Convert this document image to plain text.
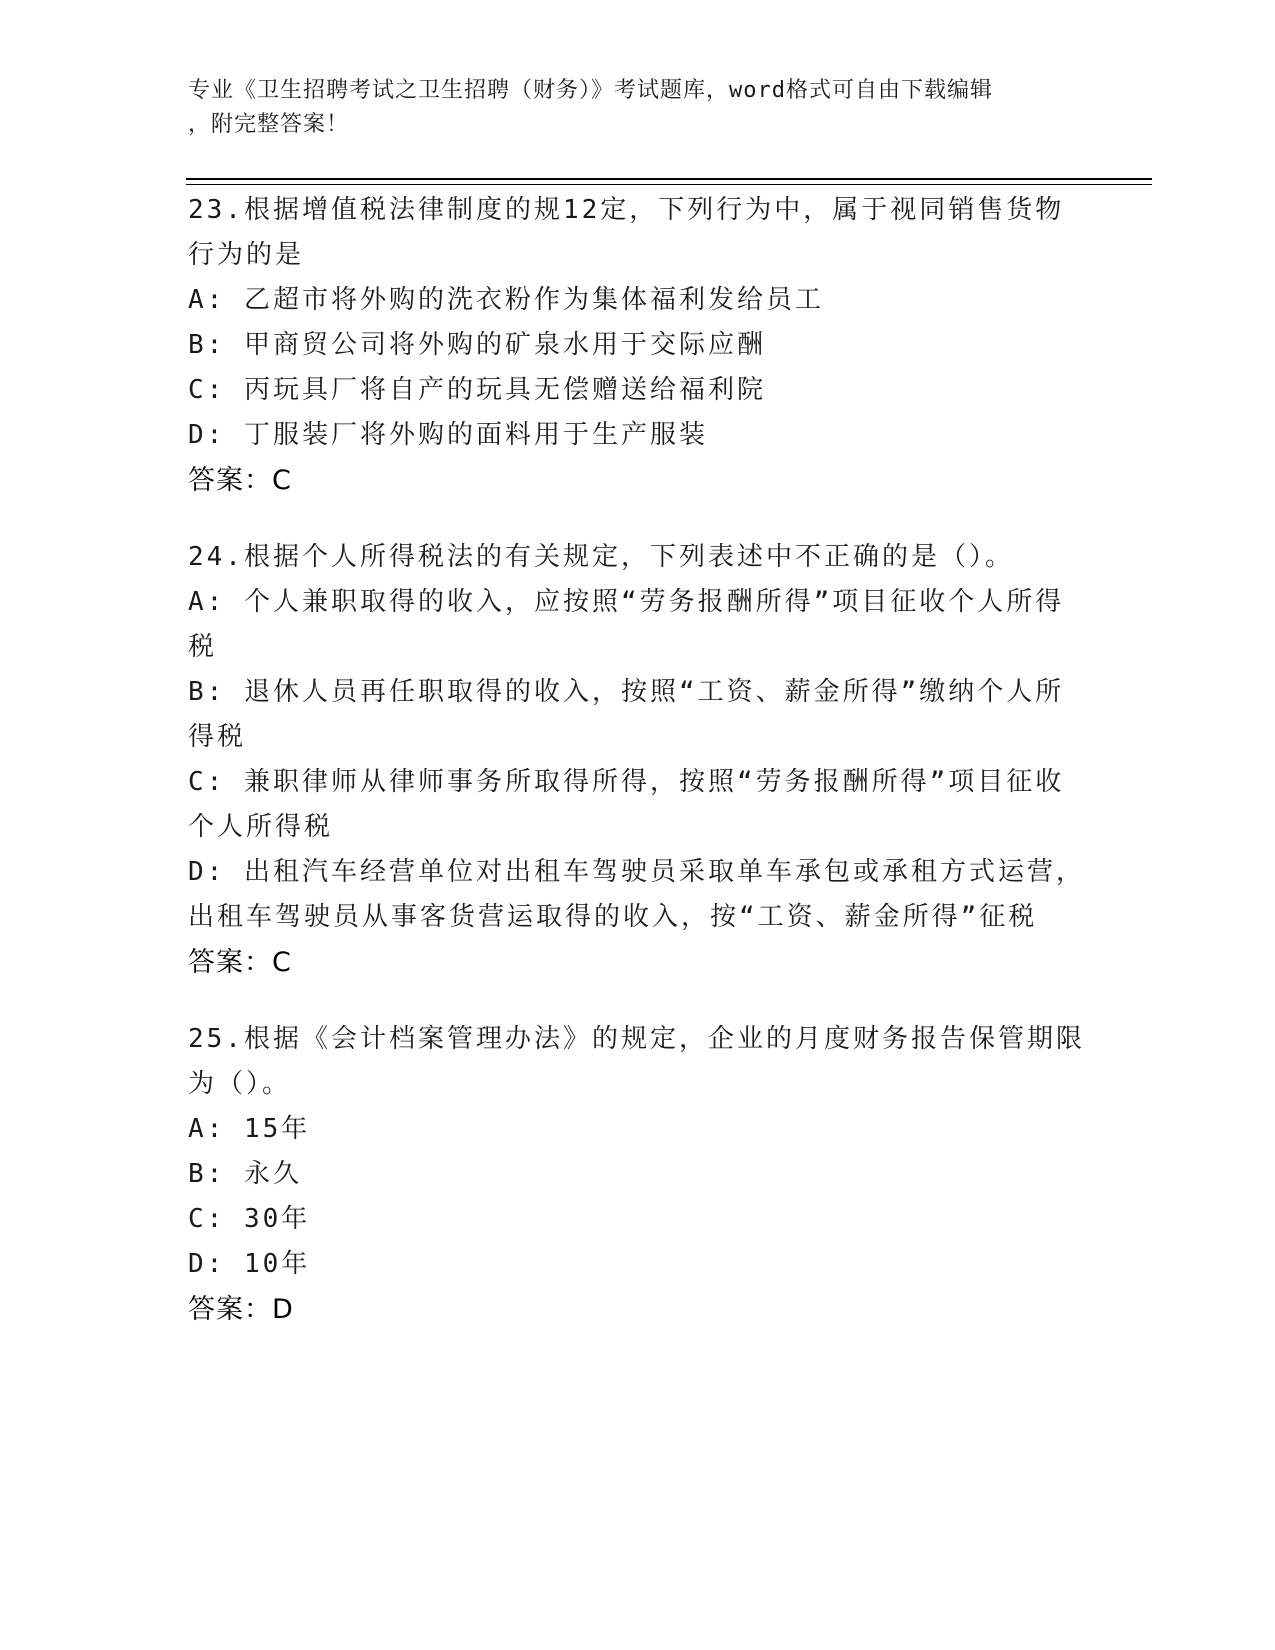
专业《卫生招聘考试之卫生招聘（财务）》考试题库，word格式可自由下载编辑
，附完整答案！
23.根据增值税法律制度的规12定，下列行为中，属于视同销售货物行为的是
A: 乙超市将外购的洗衣粉作为集体福利发给员工
B: 甲商贸公司将外购的矿泉水用于交际应酬
C: 丙玩具厂将自产的玩具无偿赠送给福利院
D: 丁服装厂将外购的面料用于生产服装
答案：C
24.根据个人所得税法的有关规定，下列表述中不正确的是（）。
A: 个人兼职取得的收入，应按照“劳务报酬所得”项目征收个人所得税
B: 退休人员再任职取得的收入，按照“工资、薪金所得”缴纳个人所得税
C: 兼职律师从律师事务所取得所得，按照“劳务报酬所得”项目征收个人所得税
D: 出租汽车经营单位对出租车驾驶员采取单车承包或承租方式运营，出租车驾驶员从事客货营运取得的收入，按“工资、薪金所得”征税
答案：C
25.根据《会计档案管理办法》的规定，企业的月度财务报告保管期限为（）。
A: 15年
B: 永久
C: 30年
D: 10年
答案：D
